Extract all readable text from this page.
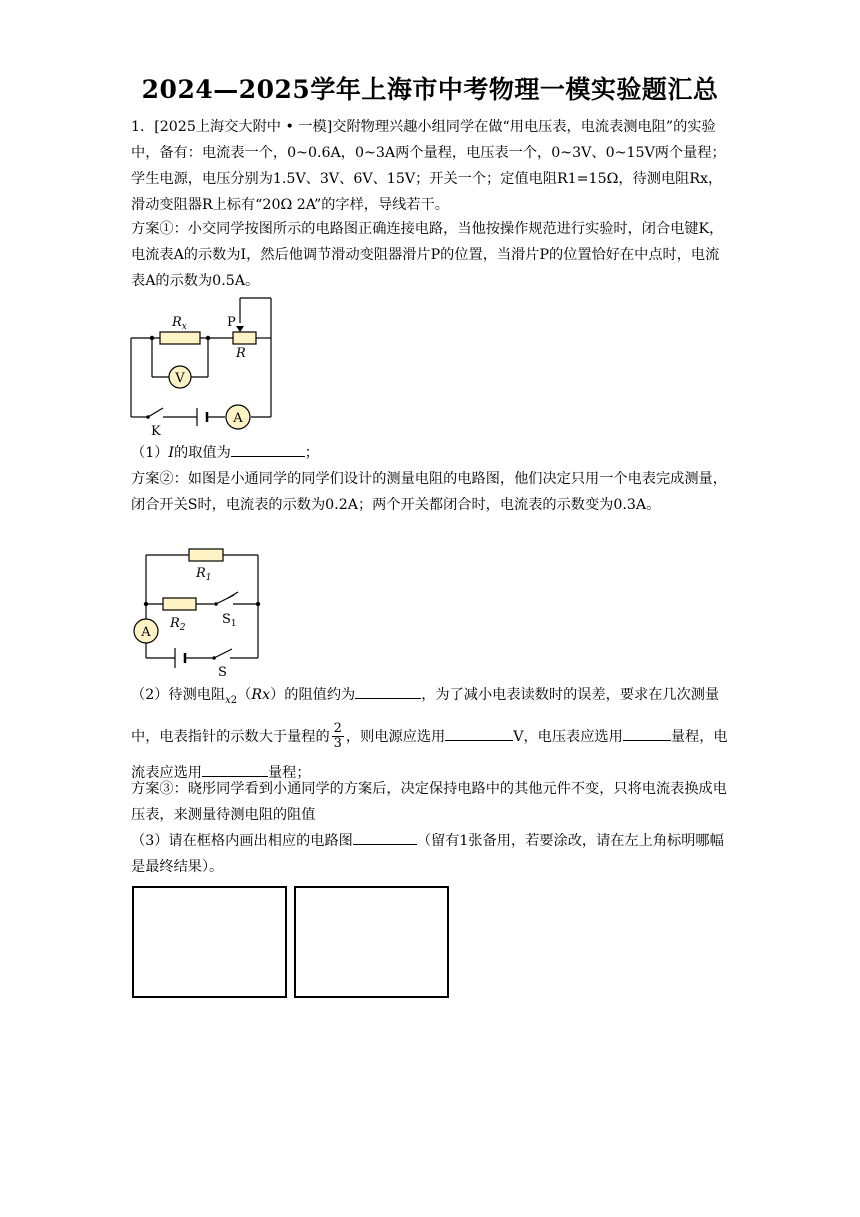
2024—2025学年上海市中考物理一模实验题汇总

1．[2025上海交大附中 • 一模]交附物理兴趣小组同学在做“用电压表，电流表测电阻”的实验中，备有：电流表一个，0~0.6A，0~3A两个量程，电压表一个，0~3V、0~15V两个量程；学生电源，电压分别为1.5V、3V、6V、15V；开关一个；定值电阻R1=15Ω，待测电阻Rx，滑动变阻器R上标有“20Ω 2A”的字样，导线若干。

方案①：小交同学按图所示的电路图正确连接电路，当他按操作规范进行实验时，闭合电键K，电流表A的示数为I，然后他调节滑动变阻器滑片P的位置，当滑片P的位置恰好在中点时，电流表A的示数为0.5A。

V
A
$R_x$	P
R
K

（1）I的取值为	；

方案②：如图是小通同学的同学们设计的测量电阻的电路图，他们决定只用一个电表完成测量，闭合开关S时，电流表的示数为0.2A；两个开关都闭合时，电流表的示数变为0.3A。

A
$R_1$
$R_2$
$S_1$
S

（2）待测电阻$_{x2}$（Rx）的阻值约为	，为了减小电表读数时的误差，要求在几次测量中，电表指针的示数大于量程的 $\frac{2}{3}$ ，则电源应选用	V，电压表应选用	量程，电流表应选用	量程；

方案③：晓彤同学看到小通同学的方案后，决定保持电路中的其他元件不变，只将电流表换成电压表，来测量待测电阻的阻值

（3）请在框格内画出相应的电路图	（留有1张备用，若要涂改，请在左上角标明哪幅是最终结果）。
